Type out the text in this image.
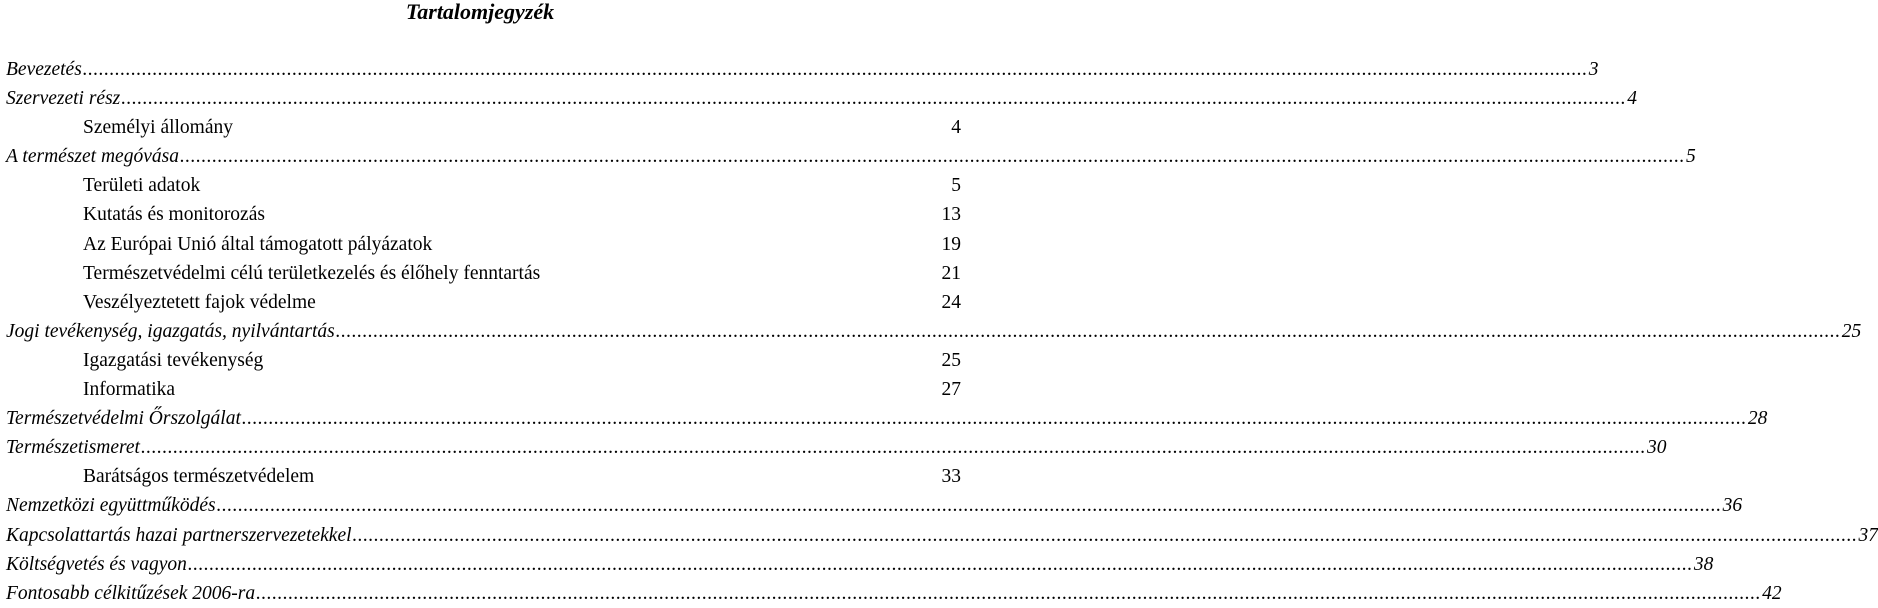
Tartalomjegyzék
Bevezetés .....	3
Szervezeti rész .....	4
Személyi állomány	4
A természet megóvása .....	5
Területi adatok	5
Kutatás és monitorozás	13
Az Európai Unió által támogatott pályázatok	19
Természetvédelmi célú területkezelés és élőhely fenntartás	21
Veszélyeztetett fajok védelme	24
Jogi tevékenység, igazgatás, nyilvántartás .....	25
Igazgatási tevékenység	25
Informatika	27
Természetvédelmi Őrszolgálat .....	28
Természetismeret .....	30
Barátságos természetvédelem	33
Nemzetközi együttműködés .....	36
Kapcsolattartás hazai partnerszervezetekkel .....	37
Költségvetés és vagyon .....	38
Fontosabb célkitűzések 2006-ra .....	42
